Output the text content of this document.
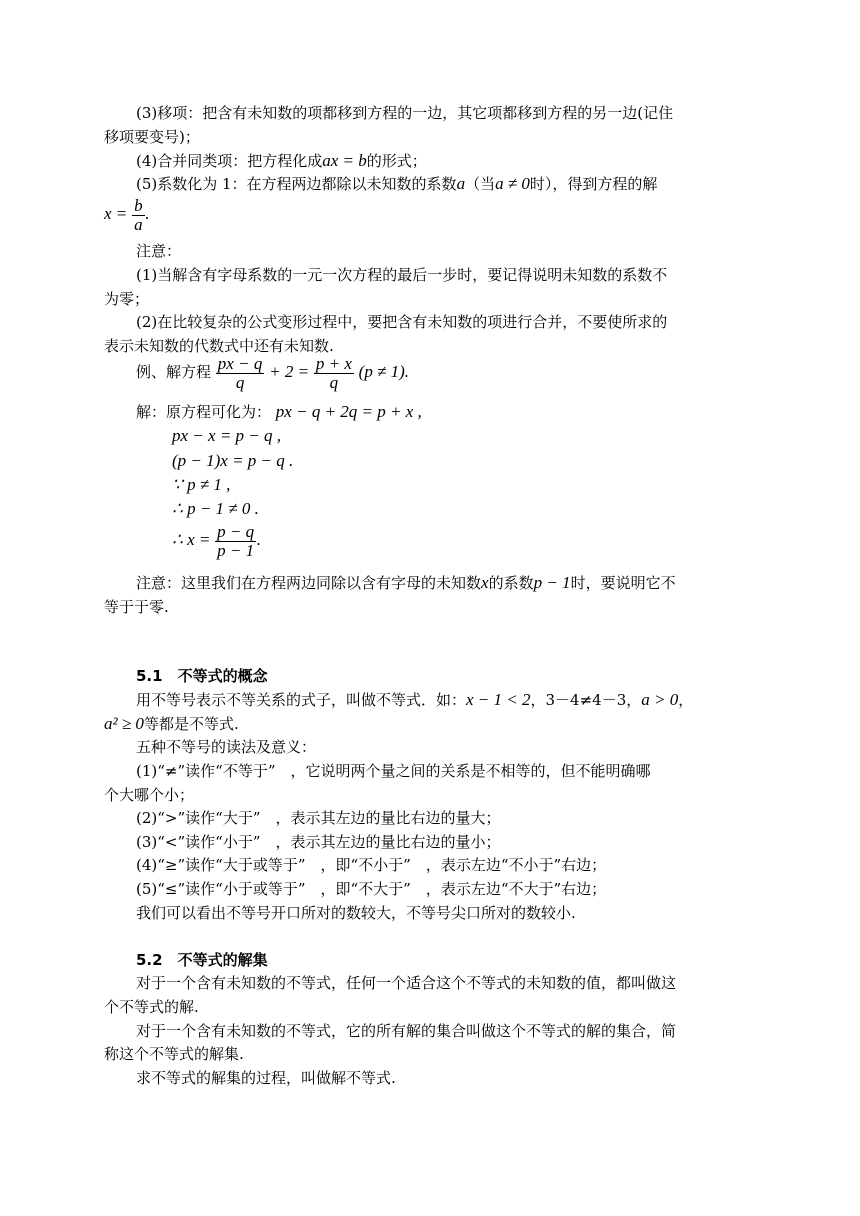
(3)移项：把含有未知数的项都移到方程的一边，其它项都移到方程的另一边(记住
移项要变号)；
(4)合并同类项：把方程化成ax = b的形式；
(5)系数化为 1：在方程两边都除以未知数的系数a（当a ≠ 0时），得到方程的解
$x = \frac{b}{a}$ .
注意：
(1)当解含有字母系数的一元一次方程的最后一步时，要记得说明未知数的系数不
为零；
(2)在比较复杂的公式变形过程中，要把含有未知数的项进行合并，不要使所求的
表示未知数的代数式中还有未知数.
例、解方程 $\frac{px - q}{q} + 2 = \frac{p + x}{q} (p \ne 1)$.
解：原方程可化为： px − q + 2q = p + x ,
px − x = p − q ,
(p − 1)x = p − q .
∵ p ≠ 1 ,
∴ p − 1 ≠ 0 .
∴ $x = \frac{p - q}{p - 1}$ .
注意：这里我们在方程两边同除以含有字母的未知数x的系数p − 1时，要说明它不
等于于零.
5.1　不等式的概念
用不等号表示不等关系的式子，叫做不等式．如：x − 1 < 2，3－4≠4－3，a > 0，
a² ≥ 0等都是不等式.
五种不等号的读法及意义：
(1)“≠”读作“不等于”　，它说明两个量之间的关系是不相等的，但不能明确哪
个大哪个小；
(2)“>”读作“大于”　，表示其左边的量比右边的量大；
(3)“<”读作“小于”　，表示其左边的量比右边的量小；
(4)“≥”读作“大于或等于”　，即“不小于”　，表示左边“不小于”右边；
(5)“≤”读作“小于或等于”　，即“不大于”　，表示左边“不大于”右边；
我们可以看出不等号开口所对的数较大，不等号尖口所对的数较小.
5.2　不等式的解集
对于一个含有未知数的不等式，任何一个适合这个不等式的未知数的值，都叫做这
个不等式的解.
对于一个含有未知数的不等式，它的所有解的集合叫做这个不等式的解的集合，简
称这个不等式的解集.
求不等式的解集的过程，叫做解不等式.
